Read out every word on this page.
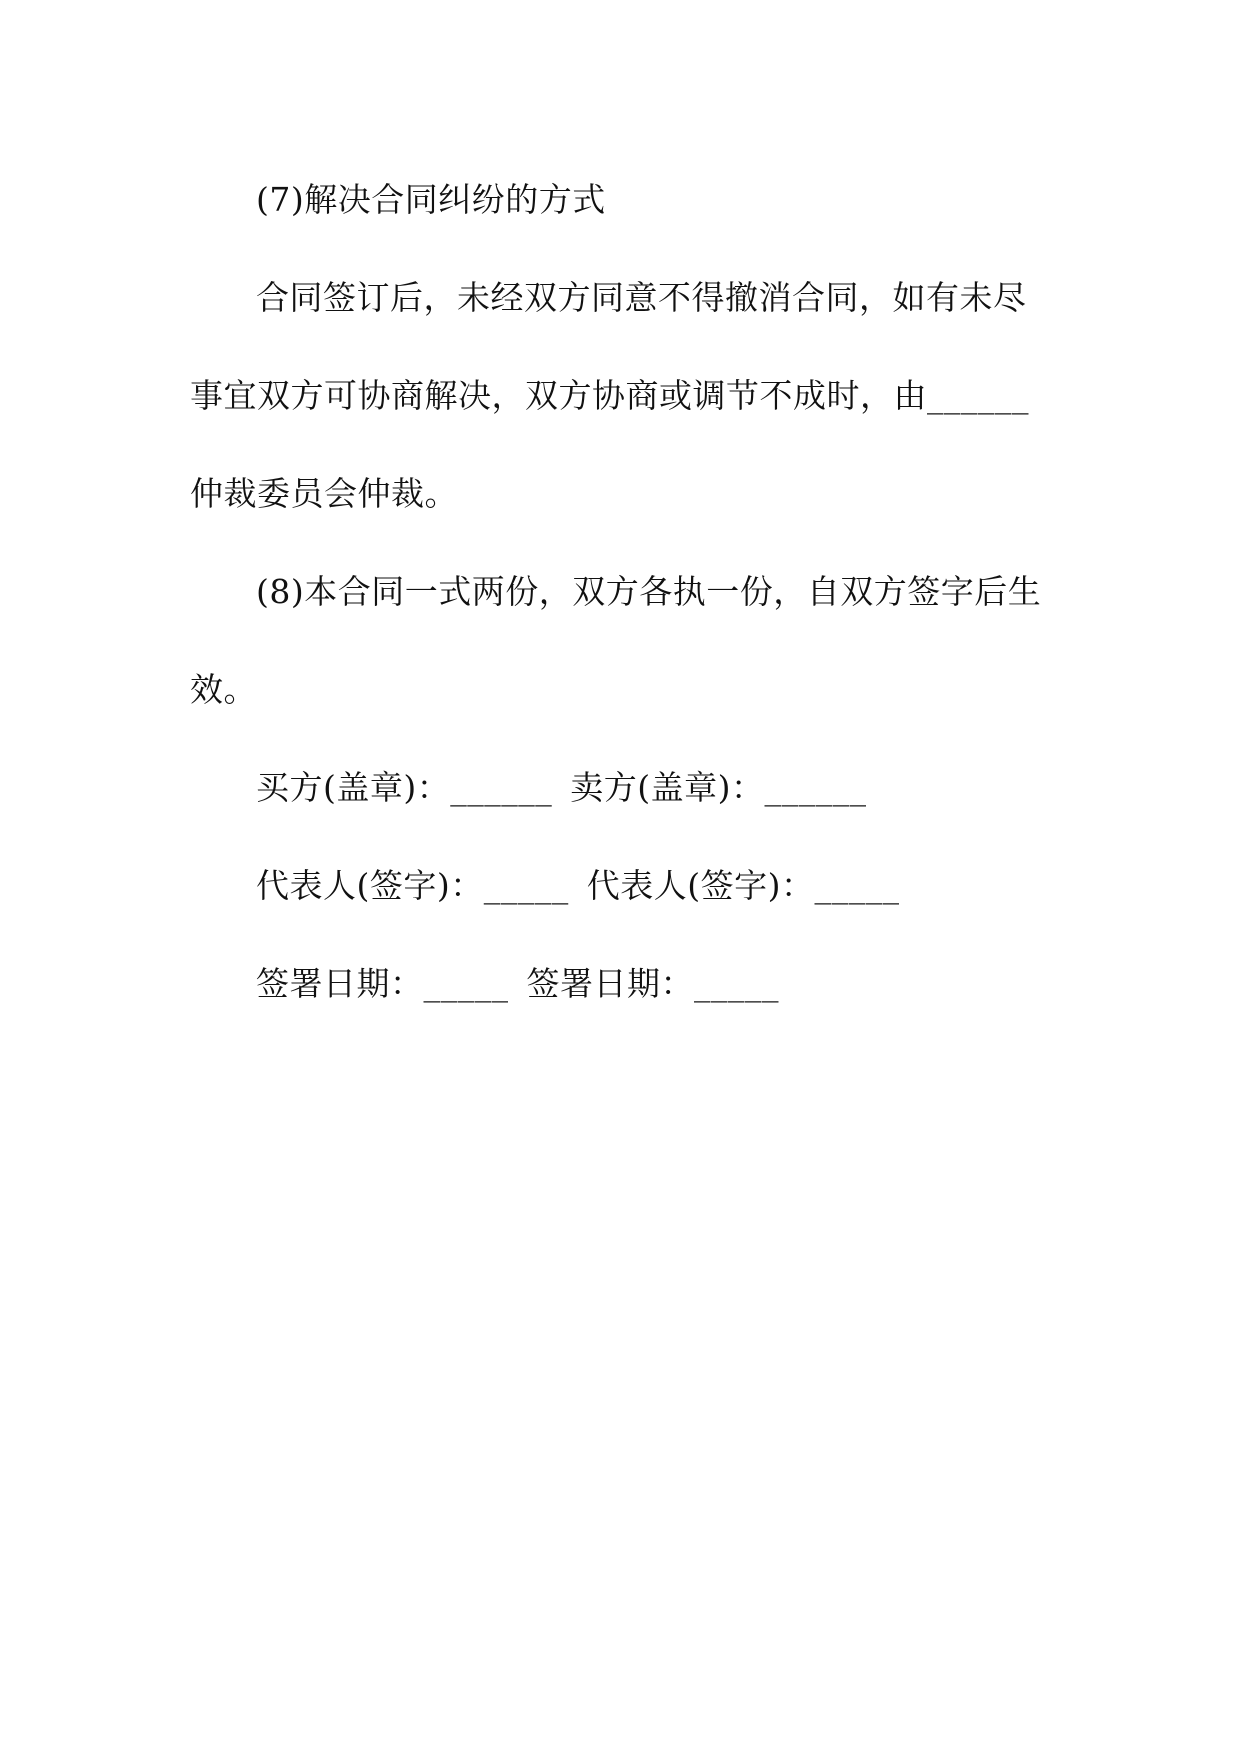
(7)解决合同纠纷的方式
合同签订后，未经双方同意不得撤消合同，如有未尽
事宜双方可协商解决，双方协商或调节不成时，由______
仲裁委员会仲裁。
(8)本合同一式两份，双方各执一份，自双方签字后生
效。
买方(盖章)：______ 卖方(盖章)：______
代表人(签字)：_____ 代表人(签字)：_____
签署日期：_____ 签署日期：_____
